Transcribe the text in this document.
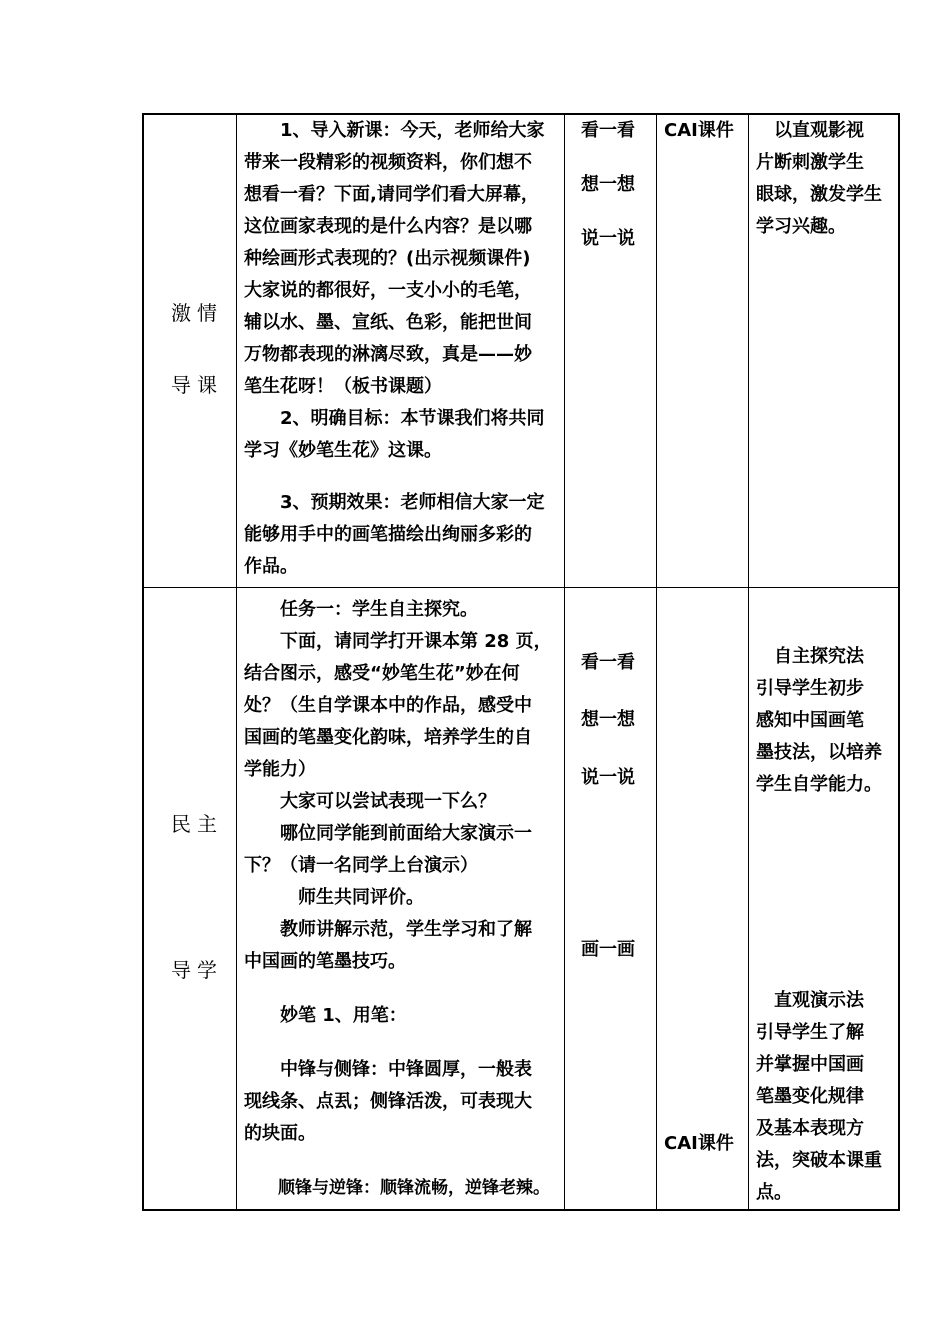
激情
导课
　　1、导入新课：今天，老师给大家
带来一段精彩的视频资料，你们想不
想看一看？下面,请同学们看大屏幕，
这位画家表现的是什么内容？是以哪
种绘画形式表现的？(出示视频课件)
大家说的都很好，一支小小的毛笔，
辅以水、墨、宣纸、色彩，能把世间
万物都表现的淋漓尽致，真是——妙
笔生花呀！（板书课题）
　　2、明确目标：本节课我们将共同
学习《妙笔生花》这课。
　　3、预期效果：老师相信大家一定
能够用手中的画笔描绘出绚丽多彩的
作品。
看一看
想一想
说一说
CAI课件 　以直观影视
片断刺激学生
眼球，激发学生
学习兴趣。
民主
导学
　　任务一：学生自主探究。
　　下面，请同学打开课本第 28 页，
结合图示，感受“妙笔生花”妙在何
处？（生自学课本中的作品，感受中
国画的笔墨变化韵味，培养学生的自
学能力）
　　大家可以尝试表现一下么？
　　哪位同学能到前面给大家演示一
下？（请一名同学上台演示）
　　　师生共同评价。
　　教师讲解示范，学生学习和了解
中国画的笔墨技巧。
　　妙笔 1、用笔：
　　中锋与侧锋：中锋圆厚，一般表
现线条、点厾；侧锋活泼，可表现大
的块面。
　　顺锋与逆锋：顺锋流畅，逆锋老辣。
看一看
想一想
说一说
画一画
CAI课件
　自主探究法
引导学生初步
感知中国画笔
墨技法，以培养
学生自学能力。
　直观演示法
引导学生了解
并掌握中国画
笔墨变化规律
及基本表现方
法，突破本课重
点。
